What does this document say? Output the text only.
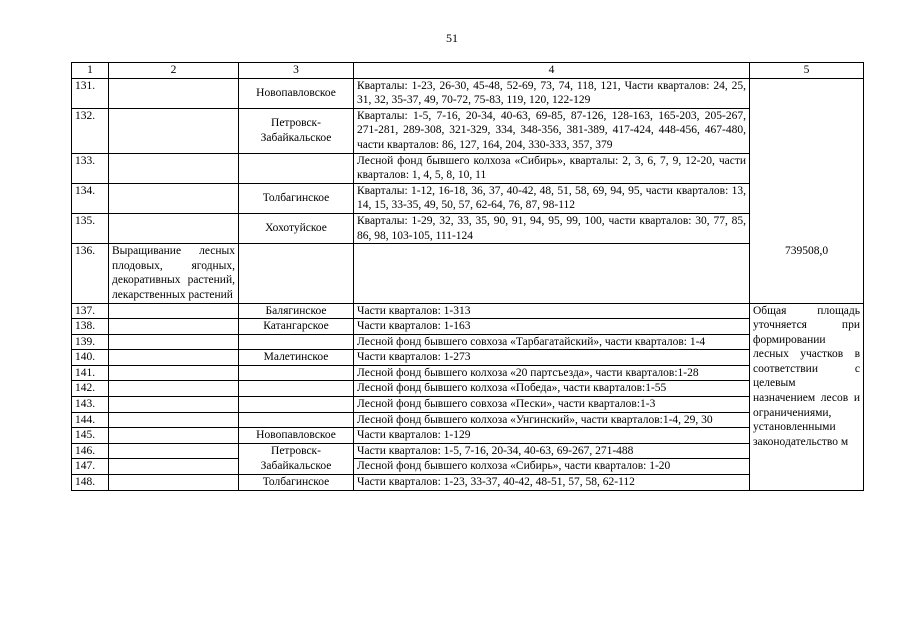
51
1	2	3	4	5
131.		Новопавловское	Кварталы: 1-23, 26-30, 45-48, 52-69, 73, 74, 118, 121, Части кварталов: 24, 25, 31, 32, 35-37, 49, 70-72, 75-83, 119, 120, 122-129	739508,0

132.		Петровск-Забайкальское	Кварталы: 1-5, 7-16, 20-34, 40-63, 69-85, 87-126, 128-163, 165-203, 205-267, 271-281, 289-308, 321-329, 334, 348-356, 381-389, 417-424, 448-456, 467-480, части кварталов: 86, 127, 164, 204, 330-333, 357, 379	
133.			Лесной фонд бывшего колхоза «Сибирь», кварталы: 2, 3, 6, 7, 9, 12-20, части кварталов: 1, 4, 5, 8, 10, 11	
134.		Толбагинское	Кварталы: 1-12, 16-18, 36, 37, 40-42, 48, 51, 58, 69, 94, 95, части кварталов: 13, 14, 15, 33-35, 49, 50, 57, 62-64, 76, 87, 98-112	
135.		Хохотуйское	Кварталы: 1-29, 32, 33, 35, 90, 91, 94, 95, 99, 100, части кварталов: 30, 77, 85, 86, 98, 103-105, 111-124	
136.	Выращивание лесных плодовых, ягодных, декоративных растений, лекарственных растений			
137.		Балягинское	Части кварталов: 1-313	Общая площадь уточняется при формировании лесных участков в соответствии с целевым назначением лесов и ограничениями, установленными законодательство м
138.		Катангарское	Части кварталов: 1-163	
139.			Лесной фонд бывшего совхоза «Тарбагатайский», части кварталов: 1-4	
140.		Малетинское	Части кварталов: 1-273	
141.			Лесной фонд бывшего колхоза «20 партсъезда», части кварталов:1-28	
142.			Лесной фонд бывшего колхоза «Победа», части кварталов:1-55	
143.			Лесной фонд бывшего совхоза «Пески», части кварталов:1-3	
144.			Лесной фонд бывшего колхоза «Унгинский», части кварталов:1-4, 29, 30	
145.		Новопавловское	Части кварталов: 1-129	
146.		Петровск-Забайкальское	Части кварталов: 1-5, 7-16, 20-34, 40-63, 69-267, 271-488	
147.			Лесной фонд бывшего колхоза «Сибирь», части кварталов: 1-20	
148.		Толбагинское	Части кварталов: 1-23, 33-37, 40-42, 48-51, 57, 58, 62-112	
